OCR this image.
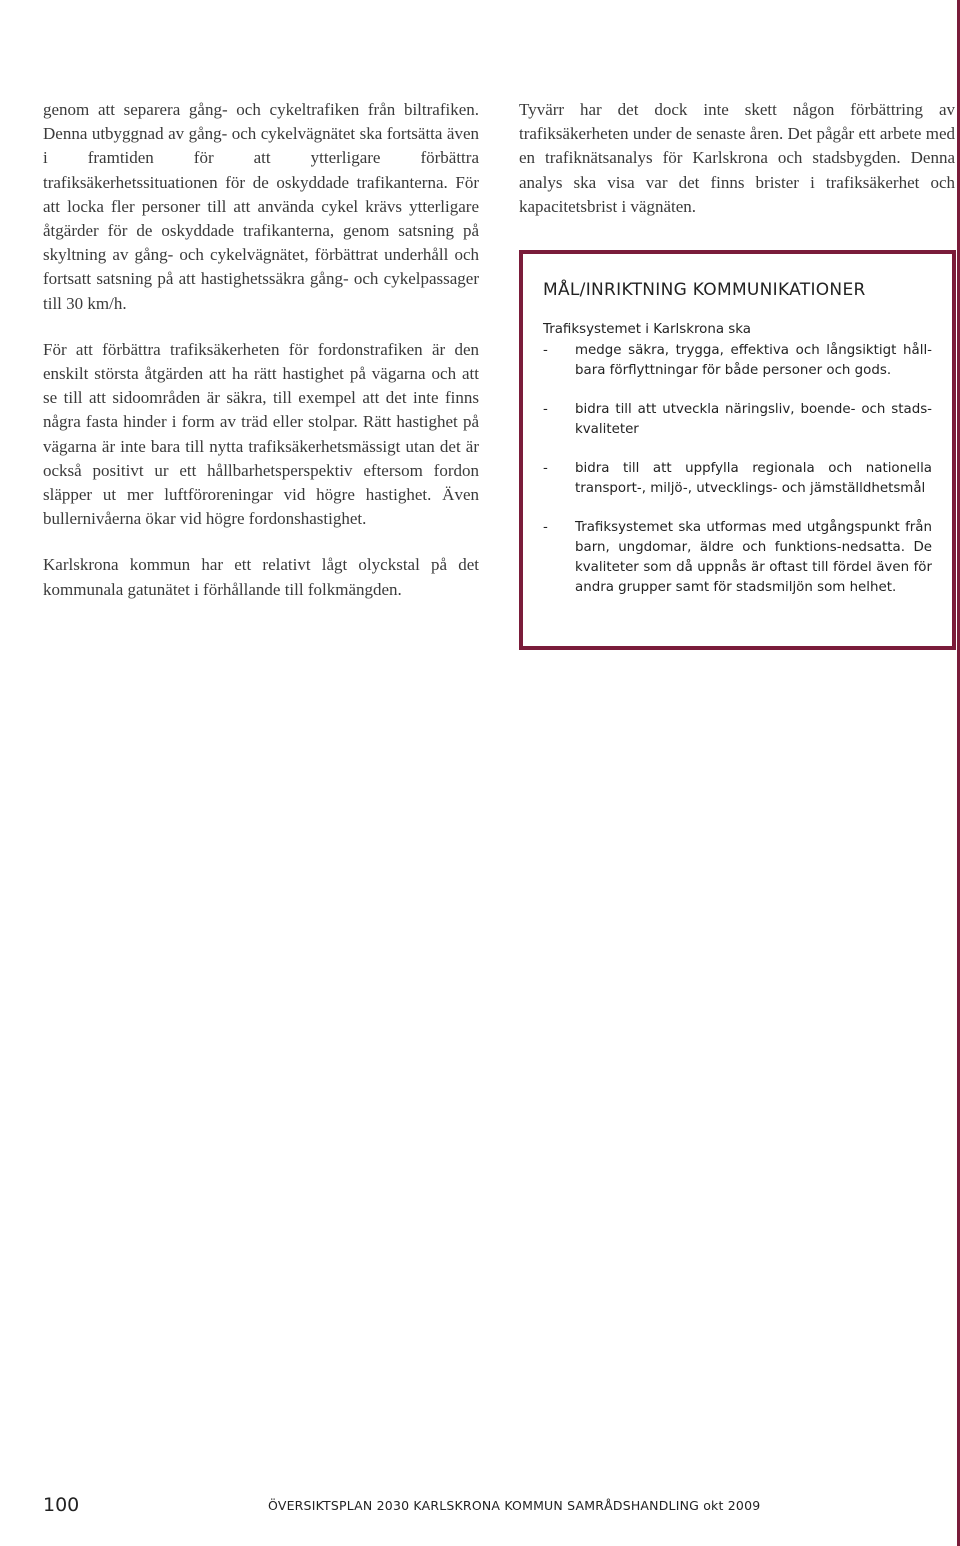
genom att separera gång- och cykeltrafiken från biltrafiken. Denna utbyggnad av gång- och cykelvägnätet ska fortsätta även i framtiden för att ytterligare förbättra trafiksäkerhetssituationen för de oskyddade trafikanterna. För att locka fler personer till att använda cykel krävs ytterligare åtgärder för de oskyddade trafikanterna, genom satsning på skyltning av gång- och cykelvägnätet, förbättrat underhåll och fortsatt satsning på att hastighetssäkra gång- och cykelpassager till 30 km/h.

För att förbättra trafiksäkerheten för fordonstrafiken är den enskilt största åtgärden att ha rätt hastighet på vägarna och att se till att sidoområden är säkra, till exempel att det inte finns några fasta hinder i form av träd eller stolpar. Rätt hastighet på vägarna är inte bara till nytta trafiksäkerhetsmässigt utan det är också positivt ur ett hållbarhetsperspektiv eftersom fordon släpper ut mer luftföroreningar vid högre hastighet. Även bullernivåerna ökar vid högre fordonshastighet.

Karlskrona kommun har ett relativt lågt olyckstal på det kommunala gatunätet i förhållande till folkmängden.

Tyvärr har det dock inte skett någon förbättring av trafiksäkerheten under de senaste åren. Det pågår ett arbete med en trafiknätsanalys för Karlskrona och stadsbygden. Denna analys ska visa var det finns brister i trafiksäkerhet och kapacitetsbrist i vägnäten.

MÅL/INRIKTNING KOMMUNIKATIONER

Trafiksystemet i Karlskrona ska

-	medge säkra, trygga, effektiva och långsiktigt håll-bara förflyttningar för både personer och gods.
-	bidra till att utveckla näringsliv, boende- och stads-kvaliteter
-	bidra till att uppfylla regionala och nationella transport-, miljö-, utvecklings- och jämställdhetsmål
-	Trafiksystemet ska utformas med utgångspunkt från barn, ungdomar, äldre och funktions-nedsatta. De kvaliteter som då uppnås är oftast till fördel även för andra grupper samt för stadsmiljön som helhet.
100	ÖVERSIKTSPLAN 2030 KARLSKRONA KOMMUN SAMRÅDSHANDLING okt 2009
